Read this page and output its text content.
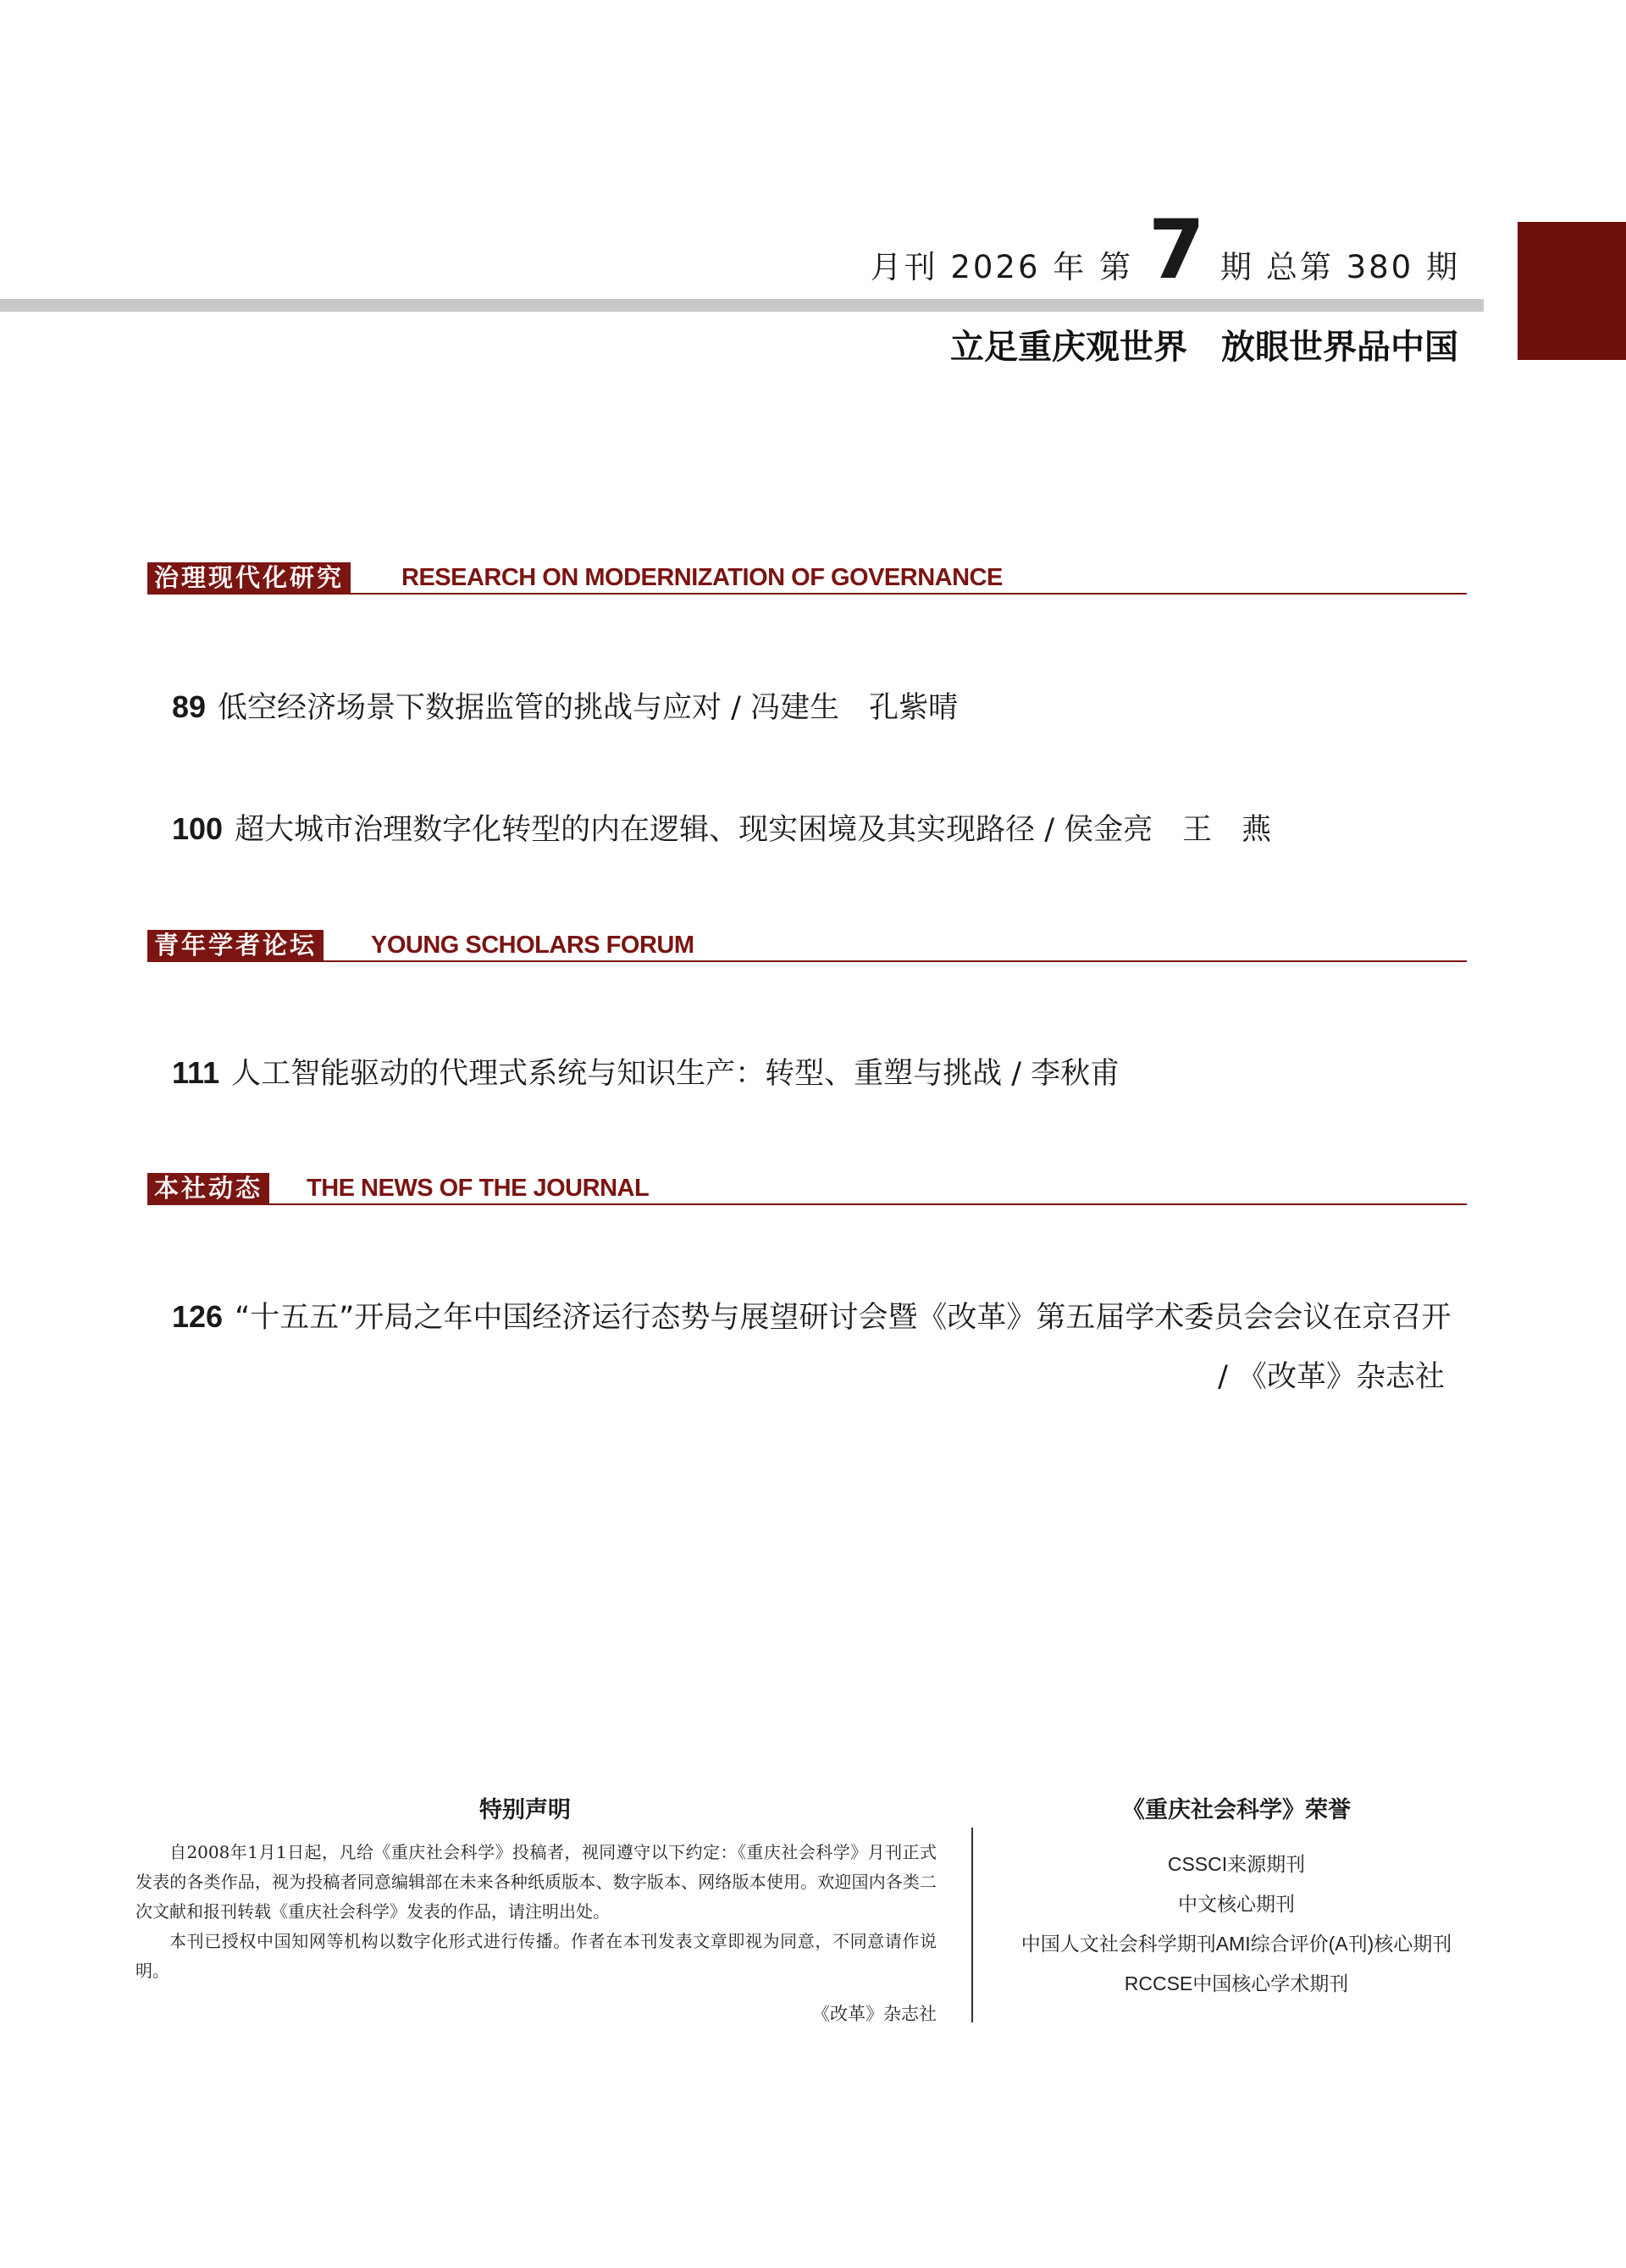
月刊 2026 年 第 7 期 总第 380 期
立足重庆观世界　放眼世界品中国
治理现代化研究 RESEARCH ON MODERNIZATION OF GOVERNANCE
89 低空经济场景下数据监管的挑战与应对 / 冯建生　孔紫晴
100 超大城市治理数字化转型的内在逻辑、现实困境及其实现路径 / 侯金亮　王　燕
青年学者论坛 YOUNG SCHOLARS FORUM
111 人工智能驱动的代理式系统与知识生产：转型、重塑与挑战 / 李秋甫
本社动态 THE NEWS OF THE JOURNAL
126 “十五五”开局之年中国经济运行态势与展望研讨会暨《改革》第五届学术委员会会议在京召开
/ 《改革》杂志社
特别声明

自2008年1月1日起，凡给《重庆社会科学》投稿者，视同遵守以下约定：《重庆社会科学》月刊正式发表的各类作品，视为投稿者同意编辑部在未来各种纸质版本、数字版本、网络版本使用。欢迎国内各类二次文献和报刊转载《重庆社会科学》发表的作品，请注明出处。

本刊已授权中国知网等机构以数字化形式进行传播。作者在本刊发表文章即视为同意，不同意请作说明。

《改革》杂志社
《重庆社会科学》荣誉
CSSCI来源期刊
中文核心期刊
中国人文社会科学期刊AMI综合评价(A刊)核心期刊
RCCSE中国核心学术期刊
